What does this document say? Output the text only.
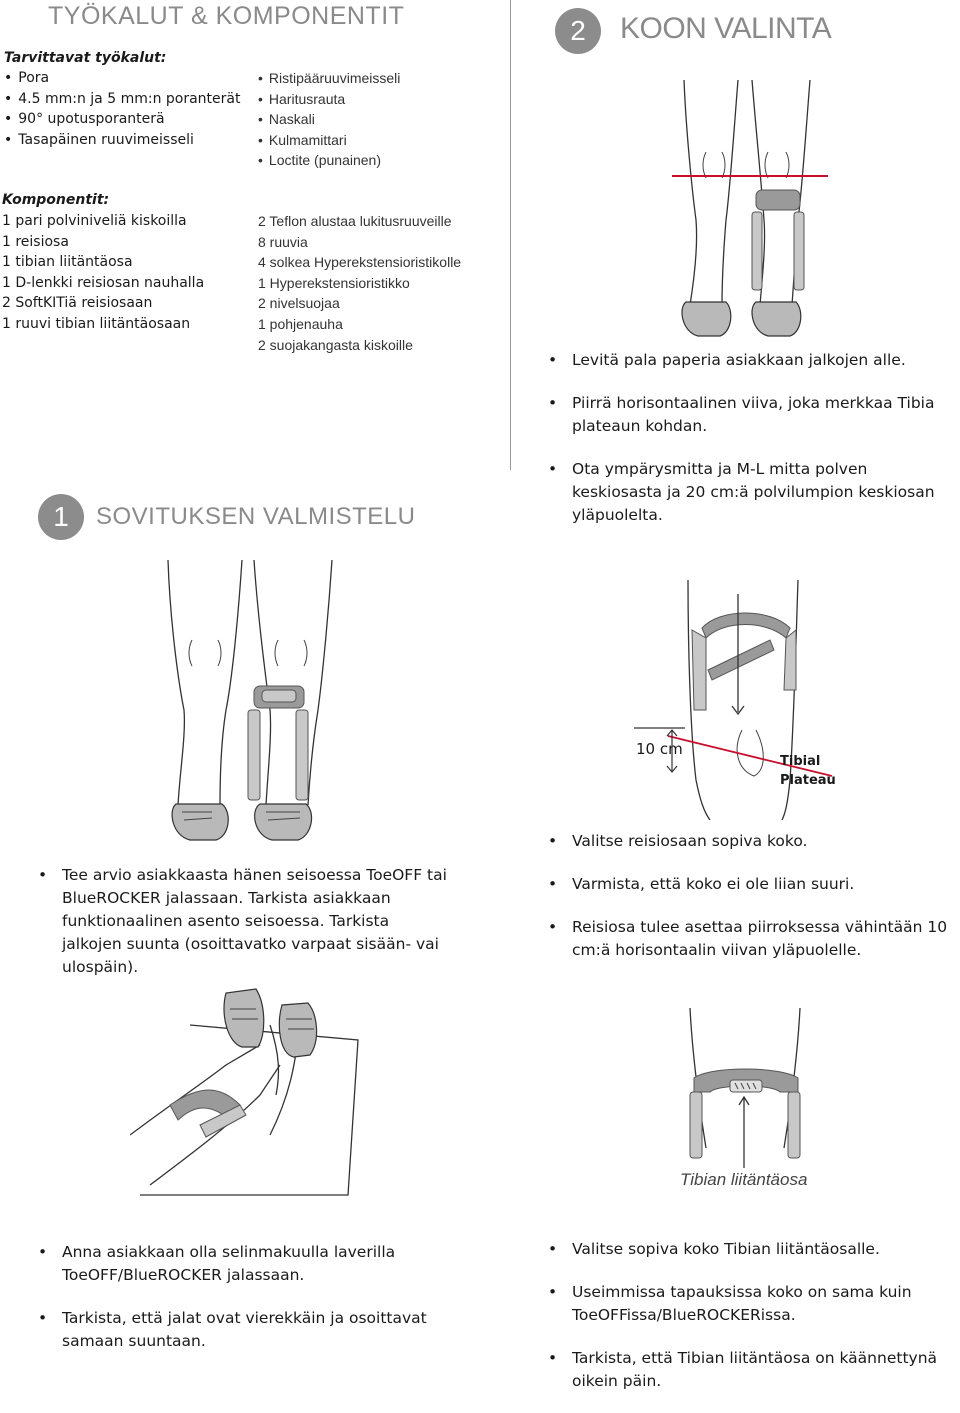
TYÖKALUT & KOMPONENTIT

Tarvittavat työkalut:

• Pora
• 4.5 mm:n ja 5 mm:n poranterät
• 90° upotusporanterä
• Tasapäinen ruuvimeisseli
• Ristipääruuvimeisseli
• Haritusrauta
• Naskali
• Kulmamittari
• Loctite (punainen)

Komponentit:

1 pari polviniveliä kiskoilla
1 reisiosa
1 tibian liitäntäosa
1 D-lenkki reisiosan nauhalla
2 SoftKITiä reisiosaan
1 ruuvi tibian liitäntäosaan
2 Teflon alustaa lukitusruuveille
8 ruuvia
4 solkea Hyperekstensioristikolle
1 Hyperekstensioristikko
2 nivelsuojaa
1 pohjenauha
2 suojakangasta kiskoille
1	SOVITUKSEN VALMISTELU
• Tee arvio asiakkaasta hänen seisoessa ToeOFF tai BlueROCKER jalassaan. Tarkista asiakkaan funktionaalinen asento seisoessa. Tarkista jalkojen suunta (osoittavatko varpaat sisään- vai ulospäin).
• Anna asiakkaan olla selinmakuulla laverilla ToeOFF/BlueROCKER jalassaan.
• Tarkista, että jalat ovat vierekkäin ja osoittavat samaan suuntaan.
2	KOON VALINTA
• Levitä pala paperia asiakkaan jalkojen alle.
• Piirrä horisontaalinen viiva, joka merkkaa Tibia plateaun kohdan.
• Ota ympärysmitta ja M-L mitta polven keskiosasta ja 20 cm:ä polvilumpion keskiosan yläpuolelta.
10 cm
Tibial
Plateau
• Valitse reisiosaan sopiva koko.
• Varmista, että koko ei ole liian suuri.
• Reisiosa tulee asettaa piirroksessa vähintään 10 cm:ä horisontaalin viivan yläpuolelle.
Tibian liitäntäosa
• Valitse sopiva koko Tibian liitäntäosalle.
• Useimmissa tapauksissa koko on sama kuin ToeOFFissa/BlueROCKERissa.
• Tarkista, että Tibian liitäntäosa on käännettynä oikein päin.
